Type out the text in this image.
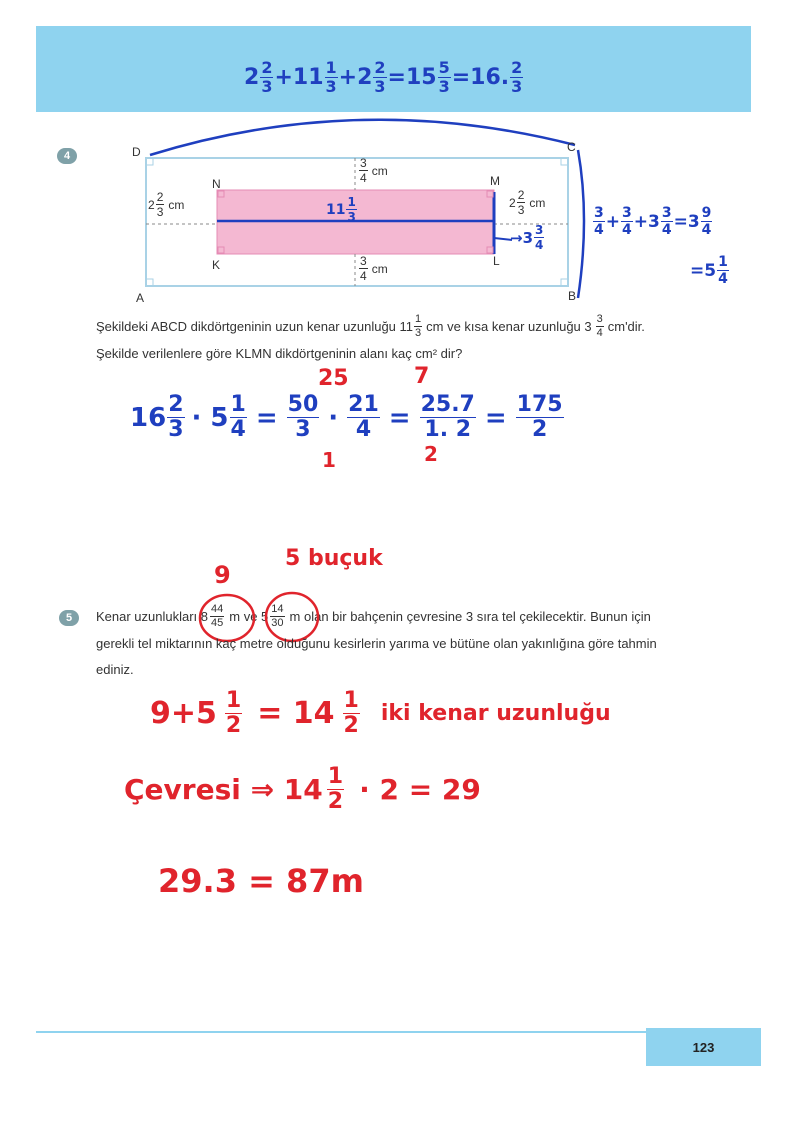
$2 \frac{2}{3} +11 \frac{1}{3} +2 \frac{2}{3} =15 \frac{5}{3} =16$. $\frac{2}{3}$
4	D	C
A	B
N	M
K	L
$\frac{3}{4}$ cm
$\frac{3}{4}$ cm
$2 \frac{2}{3}$ cm	$2 \frac{2}{3}$ cm
$11 \frac{1}{3}$
$\to 3 \frac{3}{4}$
$\frac{3}{4} + \frac{3}{4} +3 \frac{3}{4} =3 \frac{9}{4}$
$=5 \frac{1}{4}$
Şekildeki ABCD dikdörtgeninin uzun kenar uzunluğu $11 \frac{1}{3}$ cm ve kısa kenar uzunluğu $3 \frac{3}{4} cm'dir$.
Şekilde verilenlere göre KLMN dikdörtgeninin alanı kaç cm² dir?
$16 \frac{2}{3} \cdot 5 \frac{1}{4} = \frac{50}{3} \cdot \frac{21}{4} = \frac{25.7}{1. 2} = \frac{175}{2}$
25
1
7
2
9
5 buçuk
5	Kenar uzunlukları $8 \frac{44}{45}$ m ve $5 \frac{14}{30}$ m olan bir bahçenin çevresine 3 sıra tel çekilecektir. Bunun için
gerekli tel miktarının kaç metre olduğunu kesirlerin yarıma ve bütüne olan yakınlığına göre tahmin
ediniz.
$9+5 \frac{1}{2} = 14 \frac{1}{2}$ iki kenar uzunluğu
Çevresi ⇒ $14 \frac{1}{2} \cdot 2 = 29$
29.3 = 87m
123
